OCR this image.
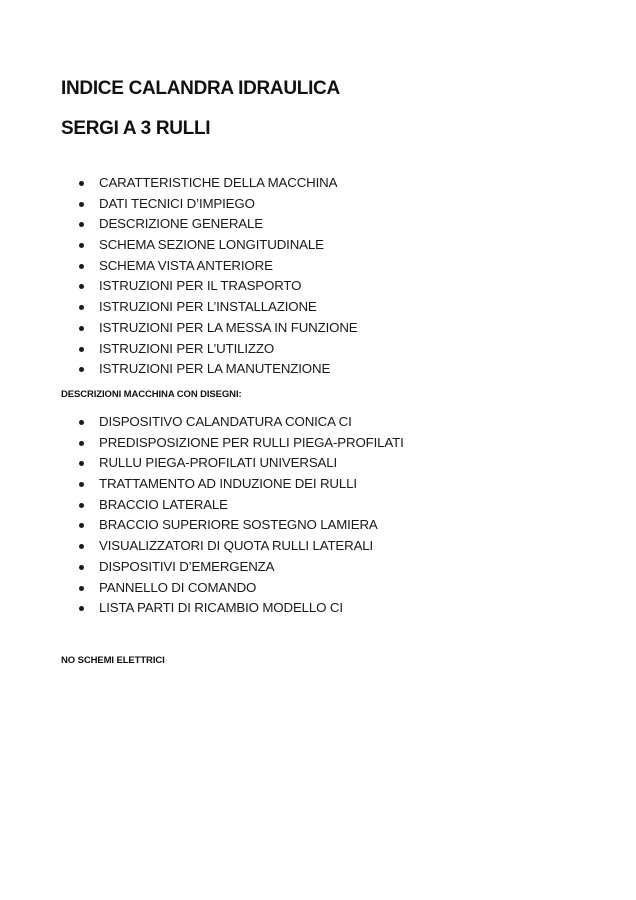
INDICE CALANDRA IDRAULICA
SERGI A 3 RULLI
CARATTERISTICHE DELLA MACCHINA
DATI TECNICI D’IMPIEGO
DESCRIZIONE GENERALE
SCHEMA SEZIONE LONGITUDINALE
SCHEMA VISTA ANTERIORE
ISTRUZIONI PER IL TRASPORTO
ISTRUZIONI PER L’INSTALLAZIONE
ISTRUZIONI PER LA MESSA IN FUNZIONE
ISTRUZIONI PER L’UTILIZZO
ISTRUZIONI PER LA MANUTENZIONE
DESCRIZIONI MACCHINA CON DISEGNI:
DISPOSITIVO CALANDATURA CONICA CI
PREDISPOSIZIONE PER RULLI PIEGA-PROFILATI
RULLU PIEGA-PROFILATI UNIVERSALI
TRATTAMENTO AD INDUZIONE DEI RULLI
BRACCIO LATERALE
BRACCIO SUPERIORE SOSTEGNO LAMIERA
VISUALIZZATORI DI QUOTA RULLI LATERALI
DISPOSITIVI D’EMERGENZA
PANNELLO DI COMANDO
LISTA PARTI DI RICAMBIO MODELLO CI
NO SCHEMI ELETTRICI
